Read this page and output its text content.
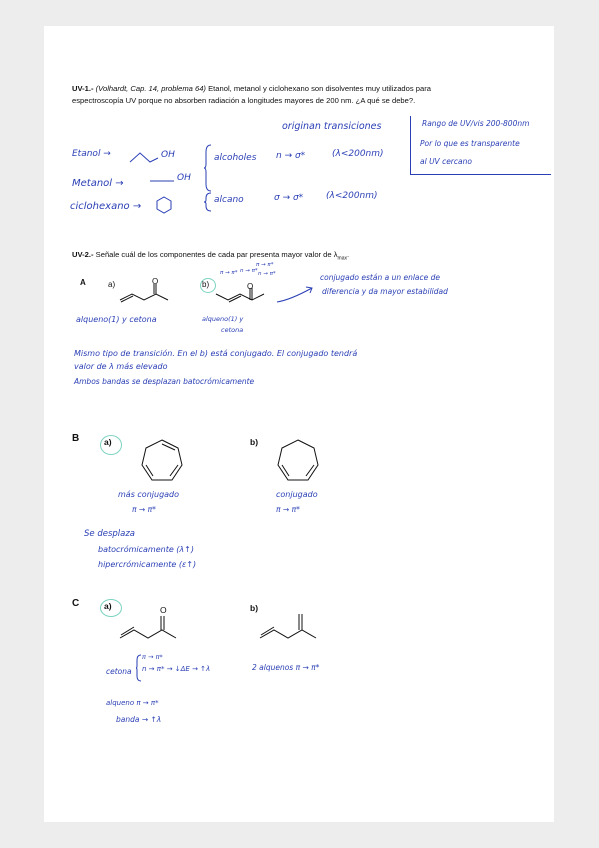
UV-1.- (Volhardt, Cap. 14, problema 64) Etanol, metanol y ciclohexano son disolventes muy utilizados para
espectroscopía UV porque no absorben radiación a longitudes mayores de 200 nm. ¿A qué se debe?.
originan transiciones	Rango de UV/vis 200-800nm
Por lo que es transparente
al UV cercano
Etanol →
Metanol →
ciclohexano →
OH
OH
alcoholes
alcano
n → σ*	(λ<200nm)
σ → σ*	(λ<200nm)
UV-2.- Señale cuál de los componentes de cada par presenta mayor valor de $\lambda_{max}$.
A	a)	O	b)	O
π → π*
π → π* n → π* n → π*	conjugado están a un enlace de
diferencia y da mayor estabilidad
alqueno(1) y cetona	alqueno(1) y
cetona
Mismo tipo de transición. En el b) está conjugado. El conjugado tendrá
valor de λ más elevado
Ambos bandas se desplazan batocrómicamente
B	a)	b)
más conjugado
π → π*
conjugado
π → π*
Se desplaza
batocrómicamente (λ↑)
hipercrómicamente (ε↑)
C	a)	O	b)
cetona
π → π*
n → π* → ↓ΔE → ↑λ	2 alquenos π → π*
alqueno π → π*
banda → ↑λ
